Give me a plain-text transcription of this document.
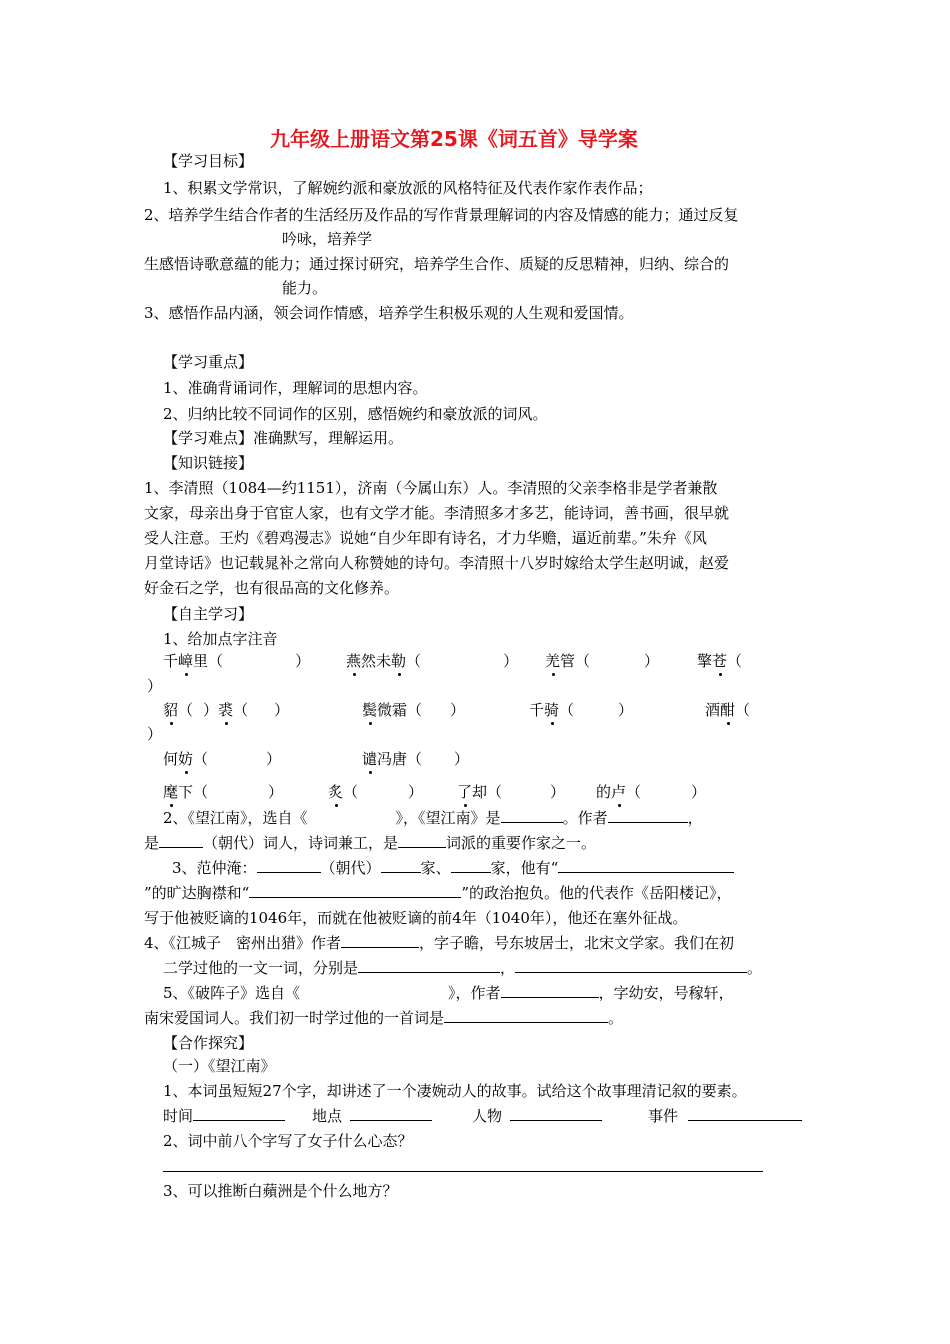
九年级上册语文第25课《词五首》导学案
【学习目标】
1、积累文学常识，了解婉约派和豪放派的风格特征及代表作家作表作品；
2、培养学生结合作者的生活经历及作品的写作背景理解词的内容及情感的能力；通过反复
吟咏，培养学
生感悟诗歌意蕴的能力；通过探讨研究，培养学生合作、质疑的反思精神，归纳、综合的
能力。
3、感悟作品内涵，领会词作情感，培养学生积极乐观的人生观和爱国情。
【学习重点】
1、准确背诵词作，理解词的思想内容。
2、归纳比较不同词作的区别，感悟婉约和豪放派的词风。
【学习难点】准确默写，理解运用。
【知识链接】
1、李清照（1084—约1151），济南（今属山东）人。李清照的父亲李格非是学者兼散
文家，母亲出身于官宦人家，也有文学才能。李清照多才多艺，能诗词，善书画，很早就
受人注意。王灼《碧鸡漫志》说她“自少年即有诗名，才力华赡，逼近前辈。”朱弁《风
月堂诗话》也记载晁补之常向人称赞她的诗句。李清照十八岁时嫁给太学生赵明诚，赵爱
好金石之学，也有很品高的文化修养。
【自主学习】
1、给加点字注音
千嶂里（	） 燕然未勒（	） 羌管（	）	擎苍（
）
貂（ ）裘（ ）	鬓微霜（ ）	千骑（	）	酒酣（
）
何妨（	）	谴冯唐（ ）
麾下（	）	炙（	） 了却（	） 的卢（	）
2、《望江南》，选自《	》，《望江南》是	。作者	，
是	（朝代）词人，诗词兼工，是	词派的重要作家之一。
3、范仲淹：	（朝代）	家、	家，他有“
”的旷达胸襟和“	”的政治抱负。他的代表作《岳阳楼记》，
写于他被贬谪的1046年，而就在他被贬谪的前4年（1040年），他还在塞外征战。
4、《江城子　密州出猎》作者	，字子瞻，号东坡居士，北宋文学家。我们在初
二学过他的一文一词，分别是	，	。
5、《破阵子》选自《	》，作者	，字幼安，号稼轩，
南宋爱国词人。我们初一时学过他的一首词是	。
【合作探究】
（一）《望江南》
1、本词虽短短27个字，却讲述了一个凄婉动人的故事。试给这个故事理清记叙的要素。
时间	地点	人物	事件
2、词中前八个字写了女子什么心态？
3、可以推断白蘋洲是个什么地方？
